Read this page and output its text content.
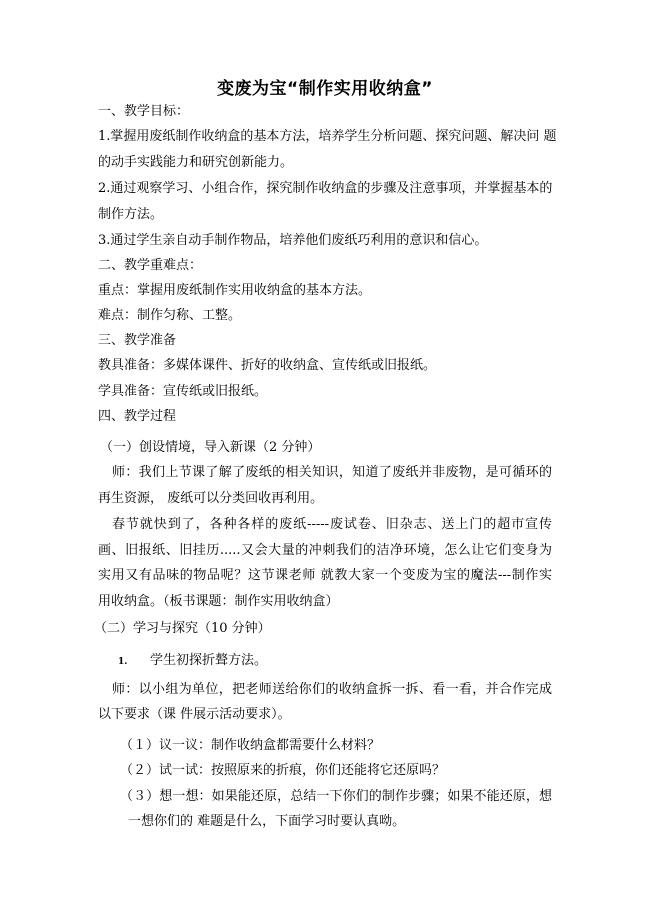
变废为宝“制作实用收纳盒”
一、教学目标：
1.掌握用废纸制作收纳盒的基本方法，培养学生分析问题、探究问题、解决问 题
的动手实践能力和研究创新能力。
2.通过观察学习、小组合作，探究制作收纳盒的步骤及注意事项，并掌握基本的
制作方法。
3.通过学生亲自动手制作物品，培养他们废纸巧利用的意识和信心。
二、教学重难点：
重点：掌握用废纸制作实用收纳盒的基本方法。
难点：制作匀称、工整。
三、教学准备
教具准备：多媒体课件、折好的收纳盒、宣传纸或旧报纸。
学具准备：宣传纸或旧报纸。
四、教学过程
（一）创设情境，导入新课（2 分钟）
师：我们上节课了解了废纸的相关知识，知道了废纸并非废物，是可循环的
再生资源， 废纸可以分类回收再利用。
春节就快到了，各种各样的废纸-----废试卷、旧杂志、送上门的超市宣传
画、旧报纸、旧挂历.....又会大量的冲刺我们的洁净环境，怎么让它们变身为
实用又有品味的物品呢？这节课老师 就教大家一个变废为宝的魔法---制作实
用收纳盒。（板书课题：制作实用收纳盒）
（二）学习与探究（10 分钟）
1. 学生初探折聱方法。
师：以小组为单位，把老师送给你们的收纳盒拆一拆、看一看，并合作完成
以下要求（课 件展示活动要求）。
（１）议一议：制作收纳盒都需要什么材料？
（２）试一试：按照原来的折痕，你们还能将它还原吗？
（３）想一想：如果能还原，总结一下你们的制作步骤；如果不能还原，想
一想你们的 难题是什么，下面学习时要认真呦。
